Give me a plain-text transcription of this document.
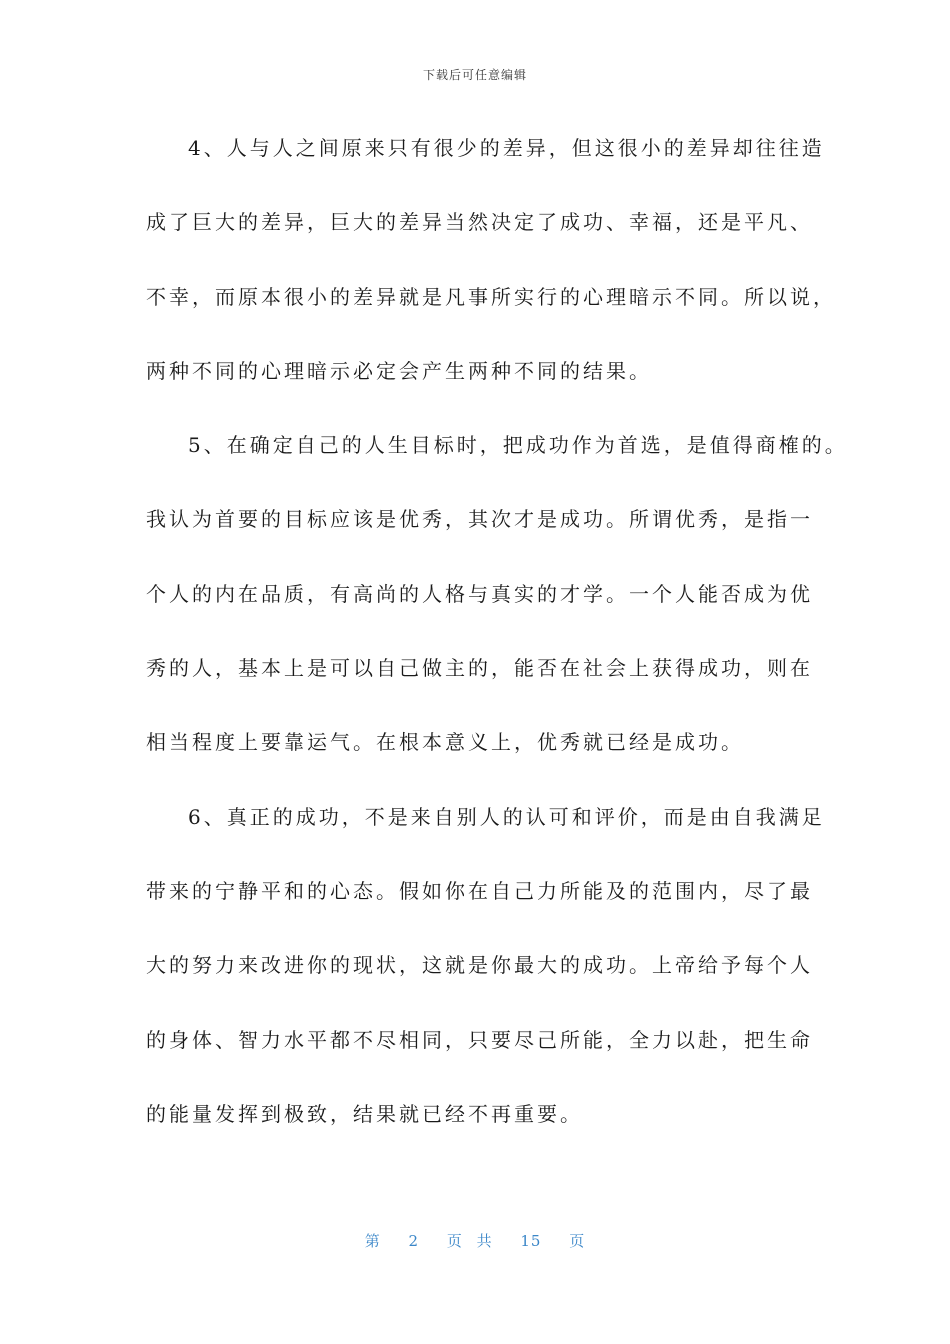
下载后可任意编辑
4、人与人之间原来只有很少的差异，但这很小的差异却往往造
成了巨大的差异，巨大的差异当然决定了成功、幸福，还是平凡、
不幸，而原本很小的差异就是凡事所实行的心理暗示不同。所以说，
两种不同的心理暗示必定会产生两种不同的结果。
5、在确定自己的人生目标时，把成功作为首选，是值得商榷的。
我认为首要的目标应该是优秀，其次才是成功。所谓优秀，是指一
个人的内在品质，有高尚的人格与真实的才学。一个人能否成为优
秀的人，基本上是可以自己做主的，能否在社会上获得成功，则在
相当程度上要靠运气。在根本意义上，优秀就已经是成功。
6、真正的成功，不是来自别人的认可和评价，而是由自我满足
带来的宁静平和的心态。假如你在自己力所能及的范围内，尽了最
大的努力来改进你的现状，这就是你最大的成功。上帝给予每个人
的身体、智力水平都不尽相同，只要尽己所能，全力以赴，把生命
的能量发挥到极致，结果就已经不再重要。
第 2 页 共 15 页
